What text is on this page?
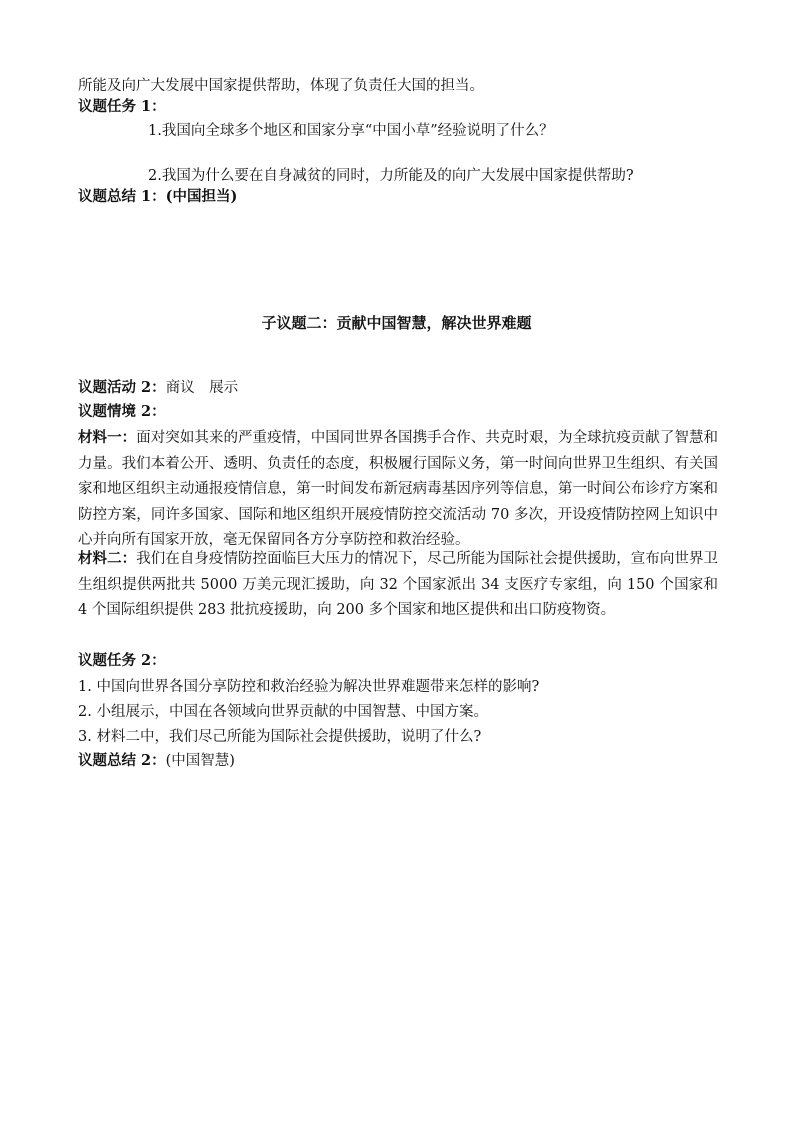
所能及向广大发展中国家提供帮助，体现了负责任大国的担当。
议题任务 1：
1.我国向全球多个地区和国家分享“中国小草”经验说明了什么？
2.我国为什么要在自身减贫的同时，力所能及的向广大发展中国家提供帮助?
议题总结 1：(中国担当)
子议题二：贡献中国智慧，解决世界难题
议题活动 2：商议　展示
议题情境 2：
材料一：面对突如其来的严重疫情，中国同世界各国携手合作、共克时艰，为全球抗疫贡献了智慧和力量。我们本着公开、透明、负责任的态度，积极履行国际义务，第一时间向世界卫生组织、有关国家和地区组织主动通报疫情信息，第一时间发布新冠病毒基因序列等信息，第一时间公布诊疗方案和防控方案，同许多国家、国际和地区组织开展疫情防控交流活动 70 多次，开设疫情防控网上知识中心并向所有国家开放，毫无保留同各方分享防控和救治经验。
材料二：我们在自身疫情防控面临巨大压力的情况下，尽己所能为国际社会提供援助，宣布向世界卫生组织提供两批共 5000 万美元现汇援助，向 32 个国家派出 34 支医疗专家组，向 150 个国家和 4 个国际组织提供 283 批抗疫援助，向 200 多个国家和地区提供和出口防疫物资。
议题任务 2：
1. 中国向世界各国分享防控和救治经验为解决世界难题带来怎样的影响?
2. 小组展示，中国在各领域向世界贡献的中国智慧、中国方案。
3. 材料二中，我们尽己所能为国际社会提供援助，说明了什么?
议题总结 2：(中国智慧)
